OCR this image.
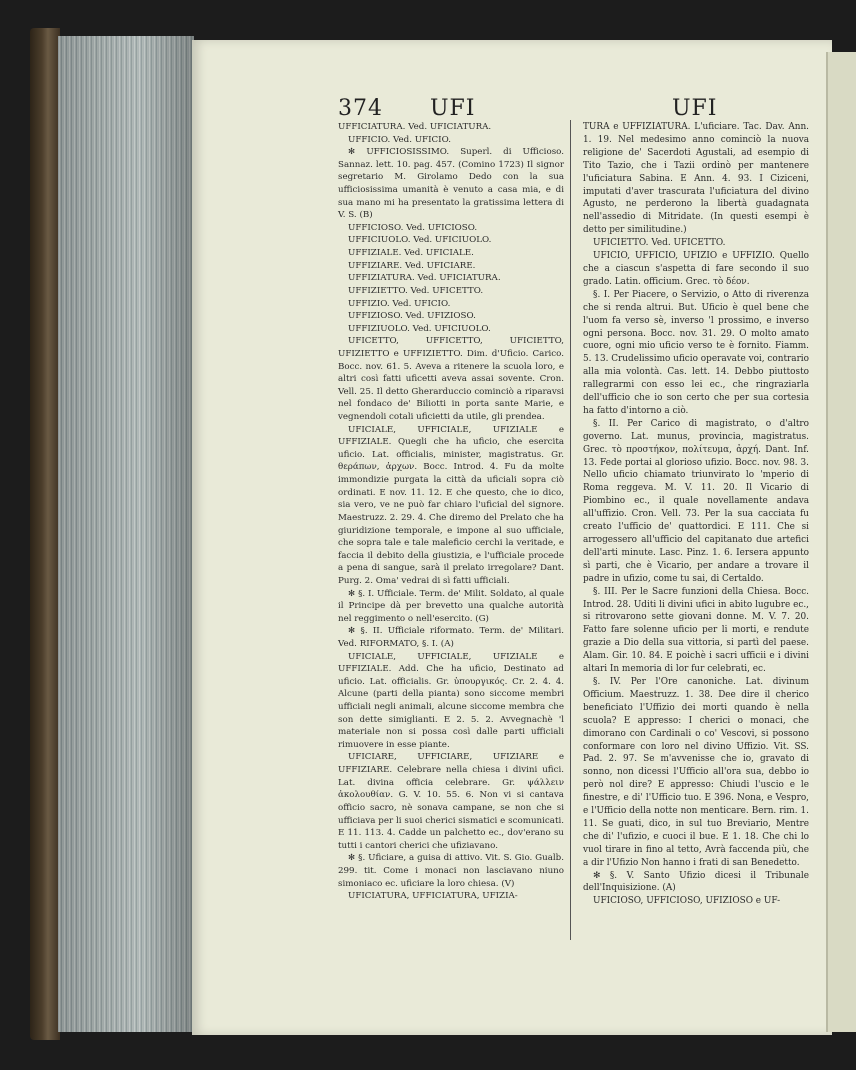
374 UFI	UFI

UFFICIATURA. Ved. UFICIATURA.

UFFICIO. Ved. UFICIO.

✻ UFFICIOSISSIMO. Superl. di Ufficioso. Sannaz. lett. 10. pag. 457. (Comino 1723) Il signor segretario M. Girolamo Dedo con la sua ufficiosissima umanità è venuto a casa mia, e di sua mano mi ha presentato la gratissima lettera di V. S. (B)

UFFICIOSO. Ved. UFICIOSO.

UFFICIUOLO. Ved. UFICIUOLO.

UFFIZIALE. Ved. UFICIALE.

UFFIZIARE. Ved. UFICIARE.

UFFIZIATURA. Ved. UFICIATURA.

UFFIZIETTO. Ved. UFICETTO.

UFFIZIO. Ved. UFICIO.

UFFIZIOSO. Ved. UFIZIOSO.

UFFIZIUOLO. Ved. UFICIUOLO.

UFICETTO, UFFICETTO, UFICIETTO, UFIZIETTO e UFFIZIETTO. Dim. d'Uficio. Carico. Bocc. nov. 61. 5. Aveva a ritenere la scuola loro, e altri così fatti uficetti aveva assai sovente. Cron. Vell. 25. Il detto Gherarduccio cominciò a riparavsi nel fondaco de' Biliotti in porta sante Marie, e vegnendoli cotali uficietti da utile, gli prendea.

UFICIALE, UFFICIALE, UFIZIALE e UFFIZIALE. Quegli che ha uficio, che esercita uficio. Lat. officialis, minister, magistratus. Gr. θεράπων, ἀρχων. Bocc. Introd. 4. Fu da molte immondizie purgata la città da uficiali sopra ciò ordinati. E nov. 11. 12. E che questo, che io dico, sia vero, ve ne può far chiaro l'uficial del signore. Maestruzz. 2. 29. 4. Che diremo del Prelato che ha giuridizione temporale, e impone al suo ufficiale, che sopra tale e tale maleficio cerchi la veritade, e faccia il debito della giustizia, e l'ufficiale procede a pena di sangue, sarà il prelato irregolare? Dant. Purg. 2. Oma' vedrai di sì fatti ufficiali.

✻ §. I. Ufficiale. Term. de' Milit. Soldato, al quale il Principe dà per brevetto una qualche autorità nel reggimento o nell'esercito. (G)

✻ §. II. Ufficiale riformato. Term. de' Militari. Ved. RIFORMATO, §. I. (A)

UFICIALE, UFFICIALE, UFIZIALE e UFFIZIALE. Add. Che ha uficio, Destinato ad uficio. Lat. officialis. Gr. ὑπουργικός. Cr. 2. 4. 4. Alcune (parti della pianta) sono siccome membri ufficiali negli animali, alcune siccome membra che son dette simiglianti. E 2. 5. 2. Avvegnachè 'l materiale non si possa così dalle parti ufficiali rimuovere in esse piante.

UFICIARE, UFFICIARE, UFIZIARE e UFFIZIARE. Celebrare nella chiesa i divini ufici. Lat. divina officia celebrare. Gr. ψάλλειν ἀκολουθίαν. G. V. 10. 55. 6. Non vi si cantava officio sacro, nè sonava campane, se non che si ufficiava per li suoi cherici sismatici e scomunicati. E 11. 113. 4. Cadde un palchetto ec., dov'erano su tutti i cantori cherici che ufiziavano.

✻ §. Uficiare, a guisa di attivo. Vit. S. Gio. Gualb. 299. tit. Come i monaci non lasciavano niuno simoniaco ec. uficiare la loro chiesa. (V)

UFICIATURA, UFFICIATURA, UFIZIA-

TURA e UFFIZIATURA. L'uficiare. Tac. Dav. Ann. 1. 19. Nel medesimo anno cominciò la nuova religione de' Sacerdoti Agustali, ad esempio di Tito Tazio, che i Tazii ordinò per mantenere l'uficiatura Sabina. E Ann. 4. 93. I Ciziceni, imputati d'aver trascurata l'uficiatura del divino Agusto, ne perderono la libertà guadagnata nell'assedio di Mitridate. (In questi esempi è detto per similitudine.)

UFICIETTO. Ved. UFICETTO.

UFICIO, UFFICIO, UFIZIO e UFFIZIO. Quello che a ciascun s'aspetta di fare secondo il suo grado. Latin. officium. Grec. τὸ δέον.

§. I. Per Piacere, o Servizio, o Atto di riverenza che si renda altrui. But. Uficio è quel bene che l'uom fa verso sè, inverso 'l prossimo, e inverso ogni persona. Bocc. nov. 31. 29. O molto amato cuore, ogni mio uficio verso te è fornito. Fiamm. 5. 13. Crudelissimo uficio operavate voi, contrario alla mia volontà. Cas. lett. 14. Debbo piuttosto rallegrarmi con esso lei ec., che ringraziarla dell'ufficio che io son certo che per sua cortesia ha fatto d'intorno a ciò.

§. II. Per Carico di magistrato, o d'altro governo. Lat. munus, provincia, magistratus. Grec. τὸ προστήκον, πολίτευμα, ἀρχή. Dant. Inf. 13. Fede portai al glorioso ufizio. Bocc. nov. 98. 3. Nello uficio chiamato triunvirato lo 'mperio di Roma reggeva. M. V. 11. 20. Il Vicario di Piombino ec., il quale novellamente andava all'uffizio. Cron. Vell. 73. Per la sua cacciata fu creato l'ufficio de' quattordici. E 111. Che si arrogessero all'ufficio del capitanato due artefici dell'arti minute. Lasc. Pinz. 1. 6. Iersera appunto sì parti, che è Vicario, per andare a trovare il padre in ufizio, come tu sai, di Certaldo.

§. III. Per le Sacre funzioni della Chiesa. Bocc. Introd. 28. Uditi li divini ufici in abito lugubre ec., si ritrovarono sette giovani donne. M. V. 7. 20. Fatto fare solenne uficio per li morti, e rendute grazie a Dio della sua vittoria, si partì del paese. Alam. Gir. 10. 84. E poichè i sacri ufficii e i divini altari In memoria di lor fur celebrati, ec.

§. IV. Per l'Ore canoniche. Lat. divinum Officium. Maestruzz. 1. 38. Dee dire il cherico beneficiato l'Uffizio dei morti quando è nella scuola? E appresso: I cherici o monaci, che dimorano con Cardinali o co' Vescovi, si possono conformare con loro nel divino Uffizio. Vit. SS. Pad. 2. 97. Se m'avvenisse che io, gravato di sonno, non dicessi l'Ufficio all'ora sua, debbo io però nol dire? E appresso: Chiudi l'uscio e le finestre, e di' l'Ufficio tuo. E 396. Nona, e Vespro, e l'Ufficio della notte non menticare. Bern. rim. 1. 11. Se guati, dico, in sul tuo Breviario, Mentre che di' l'ufizio, e cuoci il bue. E 1. 18. Che chi lo vuol tirare in fino al tetto, Avrà faccenda più, che a dir l'Ufizio Non hanno i frati di san Benedetto.

✻ §. V. Santo Ufizio dicesi il Tribunale dell'Inquisizione. (A)

UFICIOSO, UFFICIOSO, UFIZIOSO e UF-
